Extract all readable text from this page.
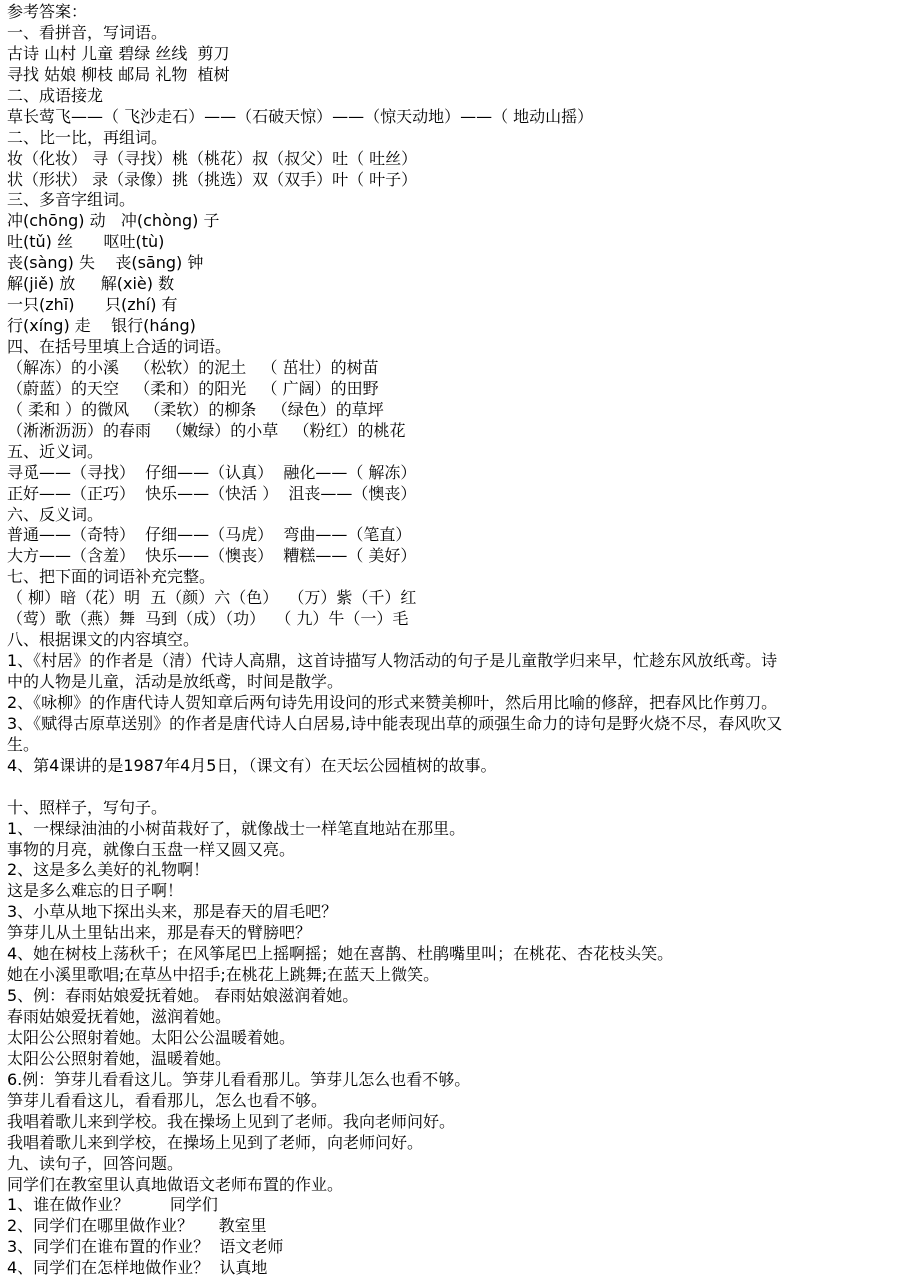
参考答案：
一、看拼音，写词语。
古诗 山村 儿童 碧绿 丝线  剪刀
寻找 姑娘 柳枝 邮局 礼物  植树
二、成语接龙
草长莺飞——（ 飞沙走石）——（石破天惊）——（惊天动地）——（ 地动山摇）
二、比一比，再组词。
妆（化妆） 寻（寻找）桃（桃花）叔（叔父）吐（ 吐丝）
状（形状） 录（录像）挑（挑选）双（双手）叶（ 叶子）
三、多音字组词。
冲(chōng) 动   冲(chòng) 子
吐(tǔ) 丝      呕吐(tù)
丧(sàng) 失    丧(sāng) 钟
解(jiě) 放     解(xiè) 数
一只(zhī)      只(zhí) 有
行(xíng) 走    银行(háng)
四、在括号里填上合适的词语。
（解冻）的小溪   （松软）的泥土   （ 茁壮）的树苗
（蔚蓝）的天空   （柔和）的阳光   （ 广阔）的田野
（ 柔和 ）的微风   （柔软）的柳条   （绿色）的草坪
（淅淅沥沥）的春雨   （嫩绿）的小草   （粉红）的桃花
五、近义词。
寻觅——（寻找）  仔细——（认真）  融化——（ 解冻）
正好——（正巧）  快乐——（快活 ）  沮丧——（懊丧）
六、反义词。
普通——（奇特）  仔细——（马虎）  弯曲——（笔直）
大方——（含羞）  快乐——（懊丧）  糟糕——（ 美好）
七、把下面的词语补充完整。
（ 柳）暗（花）明  五（颜）六（色）  （万）紫（千）红
（莺）歌（燕）舞  马到（成）（功）  （ 九）牛（一）毛
八、根据课文的内容填空。
1、《村居》的作者是（清）代诗人高鼎，这首诗描写人物活动的句子是儿童散学归来早，忙趁东风放纸鸢。诗
中的人物是儿童，活动是放纸鸢，时间是散学。
2、《咏柳》的作唐代诗人贺知章后两句诗先用设问的形式来赞美柳叶，然后用比喻的修辞，把春风比作剪刀。
3、《赋得古原草送别》的作者是唐代诗人白居易,诗中能表现出草的顽强生命力的诗句是野火烧不尽，春风吹又
生。
4、第4课讲的是1987年4月5日，（课文有）在天坛公园植树的故事。
十、照样子，写句子。
1、一棵绿油油的小树苗栽好了，就像战士一样笔直地站在那里。
事物的月亮，就像白玉盘一样又圆又亮。
2、这是多么美好的礼物啊！
这是多么难忘的日子啊！
3、小草从地下探出头来，那是春天的眉毛吧？
笋芽儿从土里钻出来，那是春天的臂膀吧？
4、她在树枝上荡秋千；在风筝尾巴上摇啊摇；她在喜鹊、杜鹃嘴里叫；在桃花、杏花枝头笑。
她在小溪里歌唱;在草丛中招手;在桃花上跳舞;在蓝天上微笑。
5、例：春雨姑娘爱抚着她。 春雨姑娘滋润着她。
春雨姑娘爱抚着她，滋润着她。
太阳公公照射着她。太阳公公温暖着她。
太阳公公照射着她，温暖着她。
6.例：笋芽儿看看这儿。笋芽儿看看那儿。笋芽儿怎么也看不够。
笋芽儿看看这儿，看看那儿，怎么也看不够。
我唱着歌儿来到学校。我在操场上见到了老师。我向老师问好。
我唱着歌儿来到学校，在操场上见到了老师，向老师问好。
九、读句子，回答问题。
同学们在教室里认真地做语文老师布置的作业。
1、谁在做作业？        同学们
2、同学们在哪里做作业？     教室里
3、同学们在谁布置的作业？  语文老师
4、同学们在怎样地做作业？  认真地
